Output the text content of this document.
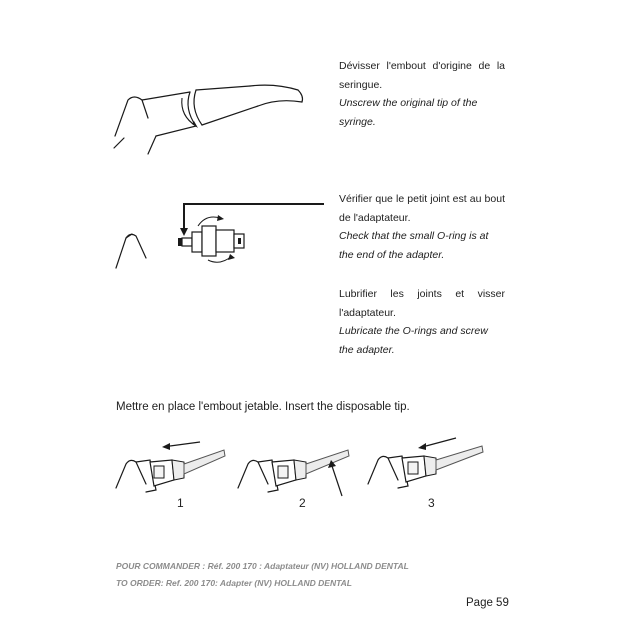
Dévisser l'embout d'origine de la seringue.

Unscrew the original tip of the syringe.

Vérifier que le petit joint est au bout de l'adaptateur.

Check that the small O-ring is at the end of the adapter.

Lubrifier les joints et visser l'adaptateur.

Lubricate the O-rings and screw the adapter.

Mettre en place l'embout jetable. Insert the disposable tip.
1	2	3
POUR COMMANDER : Réf. 200 170 : Adaptateur (NV) HOLLAND DENTAL
TO ORDER: Ref. 200 170: Adapter (NV) HOLLAND DENTAL
Page 59
